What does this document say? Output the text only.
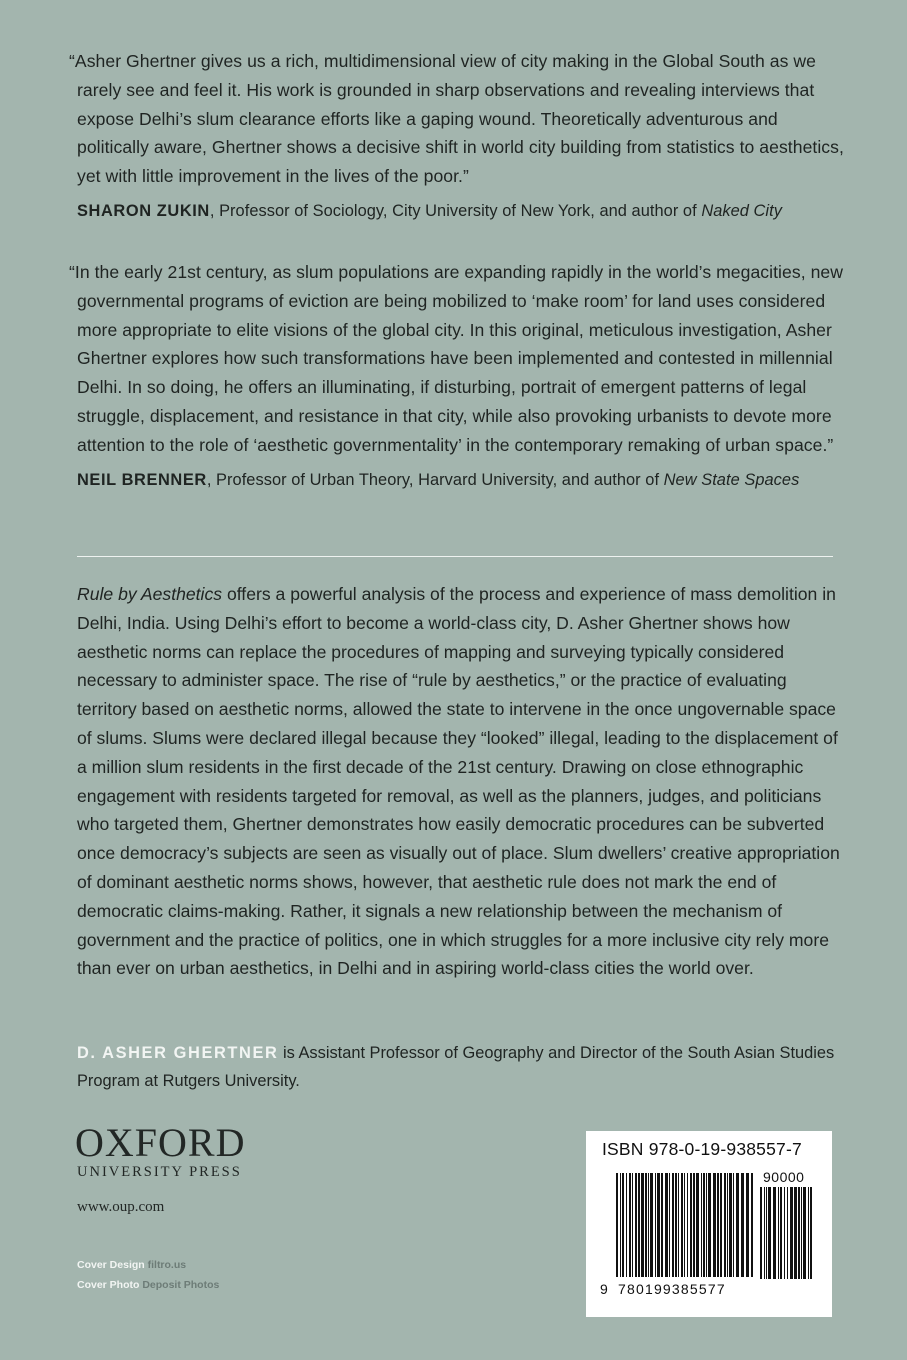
“Asher Ghertner gives us a rich, multidimensional view of city making in the Global South as we rarely see and feel it. His work is grounded in sharp observations and revealing interviews that expose Delhi’s slum clearance efforts like a gaping wound. Theoretically adventurous and politically aware, Ghertner shows a decisive shift in world city building from statistics to aesthetics, yet with little improvement in the lives of the poor.”

SHARON ZUKIN, Professor of Sociology, City University of New York, and author of Naked City

“In the early 21st century, as slum populations are expanding rapidly in the world’s megacities, new governmental programs of eviction are being mobilized to ‘make room’ for land uses considered more appropriate to elite visions of the global city. In this original, meticulous investigation, Asher Ghertner explores how such transformations have been implemented and contested in millennial Delhi. In so doing, he offers an illuminating, if disturbing, portrait of emergent patterns of legal struggle, displacement, and resistance in that city, while also provoking urbanists to devote more attention to the role of ‘aesthetic governmentality’ in the contemporary remaking of urban space.”

NEIL BRENNER, Professor of Urban Theory, Harvard University, and author of New State Spaces

Rule by Aesthetics offers a powerful analysis of the process and experience of mass demolition in Delhi, India. Using Delhi’s effort to become a world-class city, D. Asher Ghertner shows how aesthetic norms can replace the procedures of mapping and surveying typically considered necessary to administer space. The rise of “rule by aesthetics,” or the practice of evaluating territory based on aesthetic norms, allowed the state to intervene in the once ungovernable space of slums. Slums were declared illegal because they “looked” illegal, leading to the displacement of a million slum residents in the first decade of the 21st century. Drawing on close ethnographic engagement with residents targeted for removal, as well as the planners, judges, and politicians who targeted them, Ghertner demonstrates how easily democratic procedures can be subverted once democracy’s subjects are seen as visually out of place. Slum dwellers’ creative appropriation of dominant aesthetic norms shows, however, that aesthetic rule does not mark the end of democratic claims-making. Rather, it signals a new relationship between the mechanism of government and the practice of politics, one in which struggles for a more inclusive city rely more than ever on urban aesthetics, in Delhi and in aspiring world-class cities the world over.

D. ASHER GHERTNER is Assistant Professor of Geography and Director of the South Asian Studies Program at Rutgers University.

OXFORD

UNIVERSITY PRESS

www.oup.com

Cover Design filtro.us

Cover Photo Deposit Photos

ISBN 978-0-19-938557-7

90000

9 780199385577
